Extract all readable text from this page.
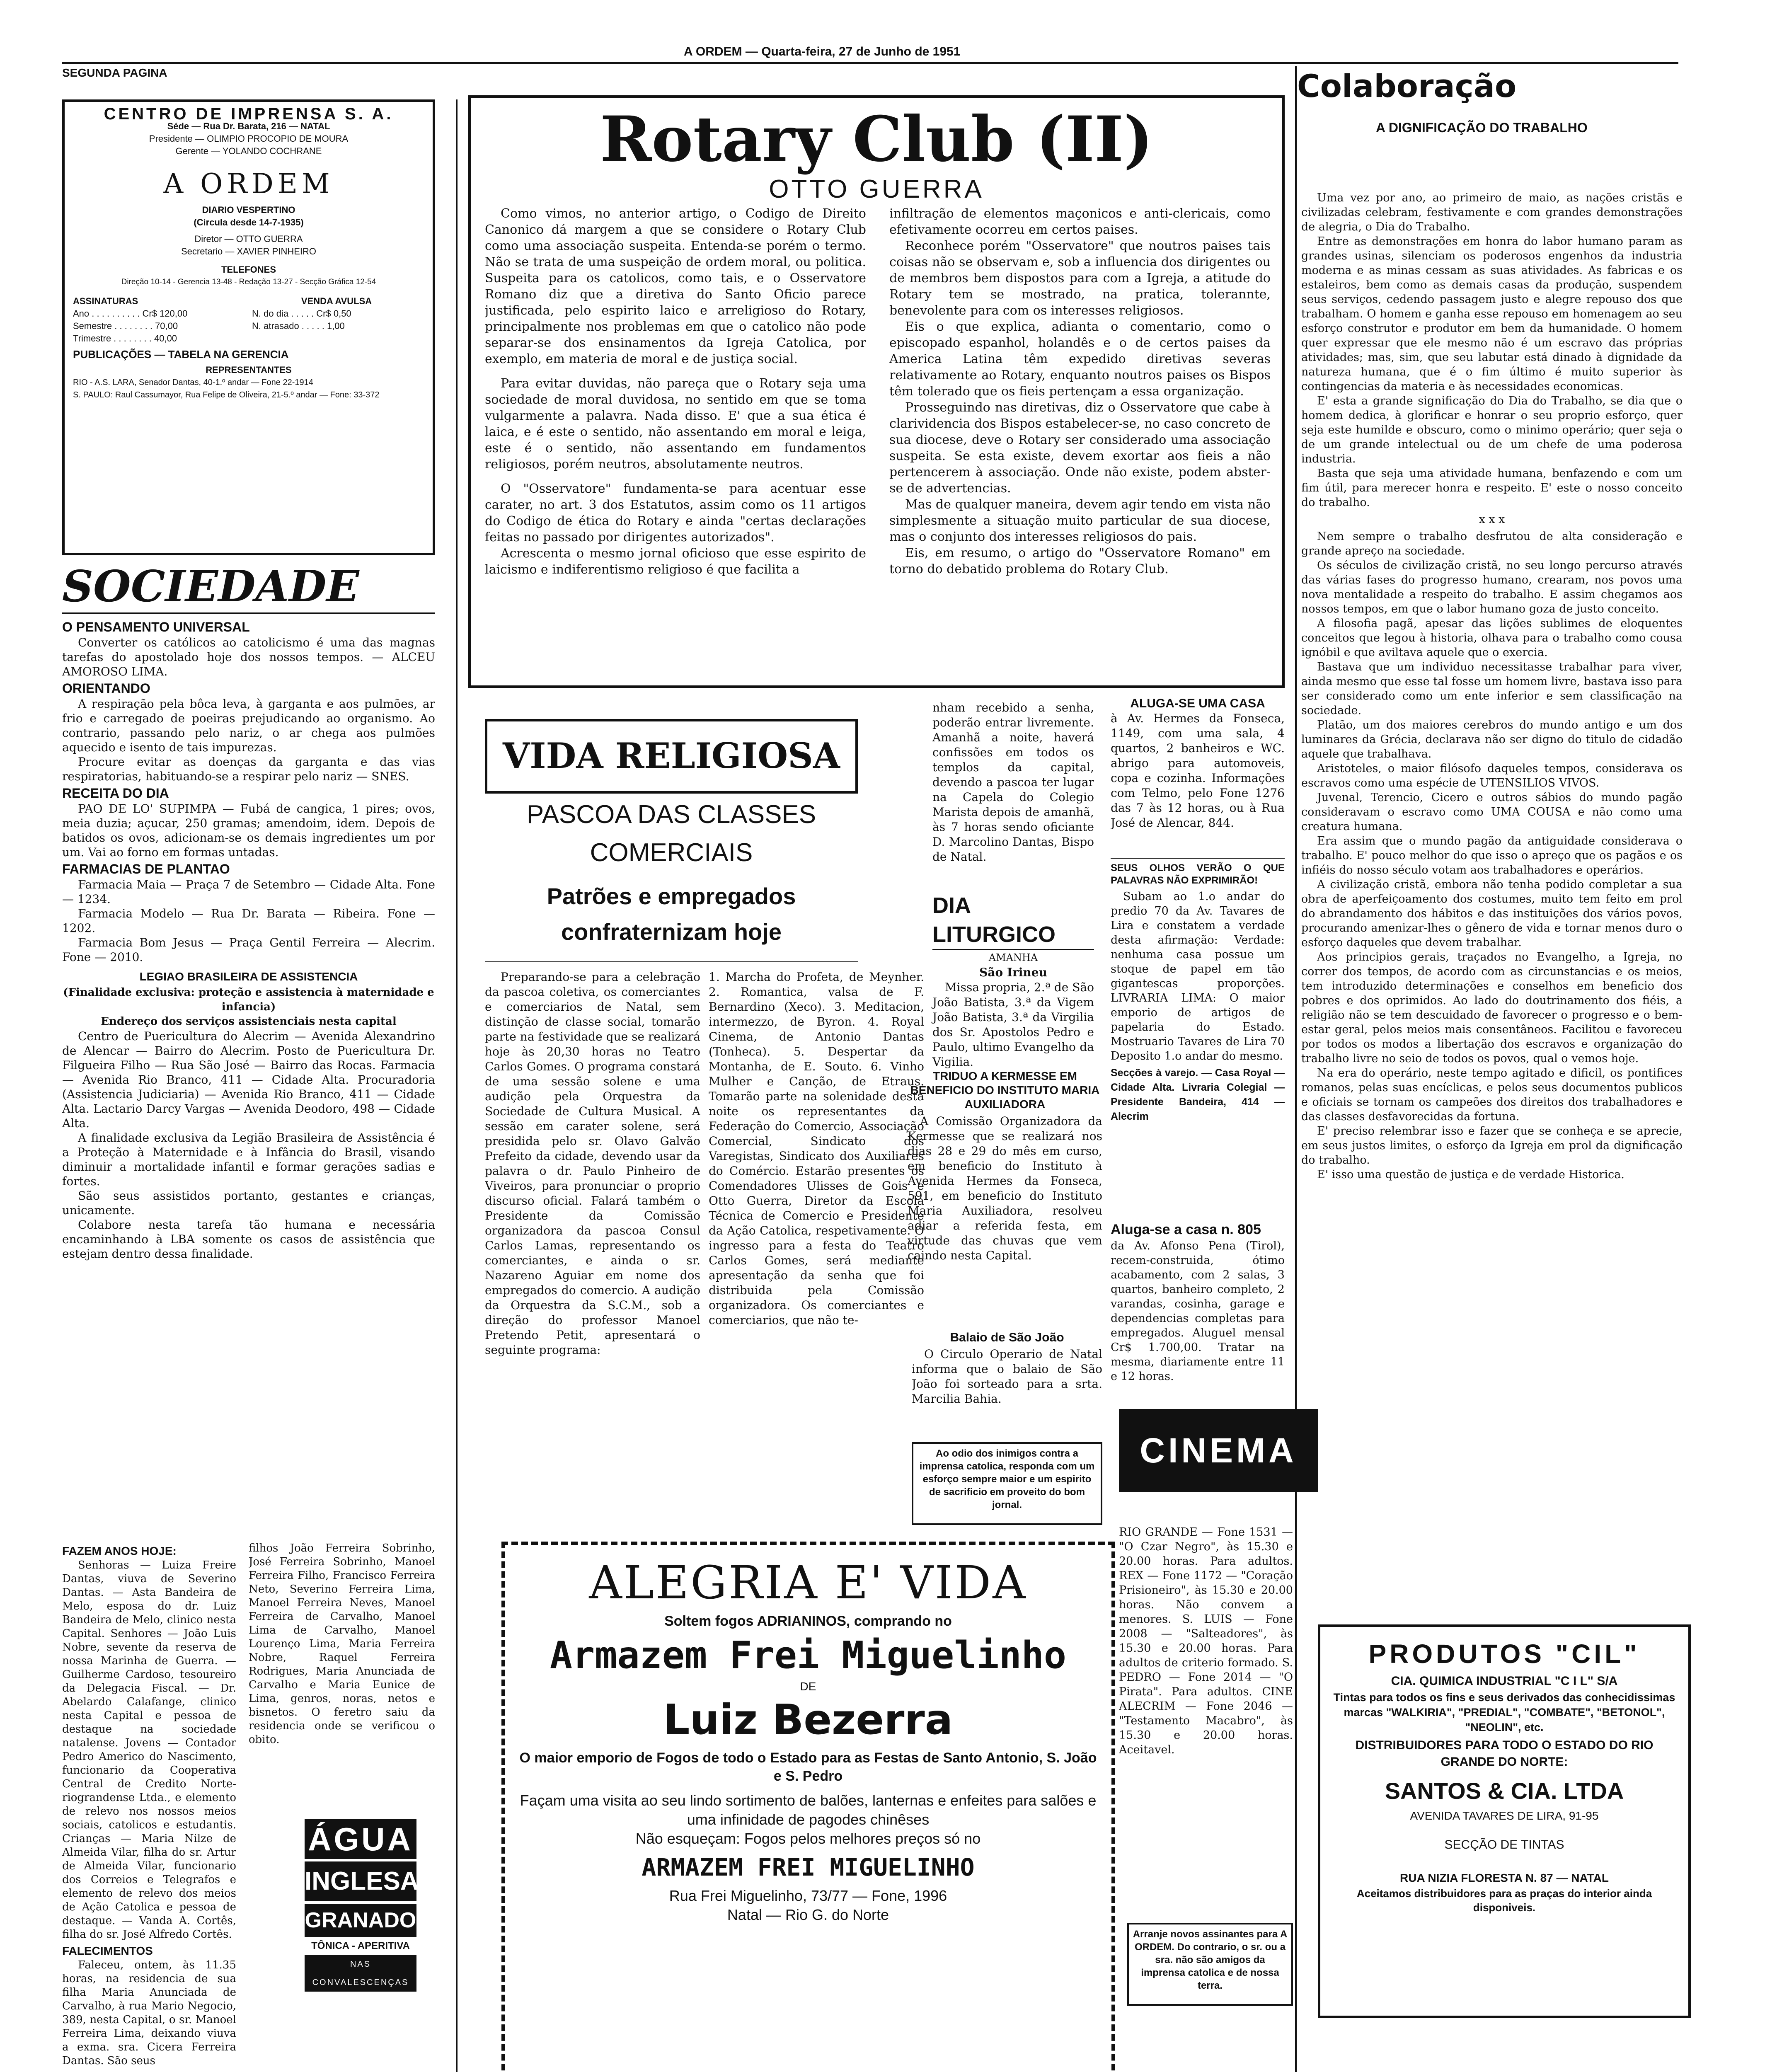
SEGUNDA PAGINA
A ORDEM — Quarta-feira, 27 de Junho de 1951
CENTRO DE IMPRENSA S. A.
Séde — Rua Dr. Barata, 216 — NATAL
Presidente — OLIMPIO PROCOPIO DE MOURA
Gerente — YOLANDO COCHRANE
A ORDEM
DIARIO VESPERTINO
(Circula desde 14-7-1935)
Diretor — OTTO GUERRA
Secretario — XAVIER PINHEIRO
TELEFONES
Direção 10-14 - Gerencia 13-48 - Redação 13-27 - Secção Gráfica 12-54
ASSINATURAS	VENDA AVULSA
Ano . . . . . . . . . . Cr$ 120,00
Semestre . . . . . . . . 70,00
Trimestre . . . . . . . . 40,00
N. do dia . . . . . Cr$ 0,50
N. atrasado . . . . . 1,00
PUBLICAÇÕES — TABELA NA GERENCIA
REPRESENTANTES
RIO - A.S. LARA, Senador Dantas, 40-1.º andar — Fone 22-1914
S. PAULO: Raul Cassumayor, Rua Felipe de Oliveira, 21-5.º andar — Fone: 33-372
SOCIEDADE
O PENSAMENTO UNIVERSAL

Converter os católicos ao catolicismo é uma das magnas tarefas do apostolado hoje dos nossos tempos. — ALCEU AMOROSO LIMA.

ORIENTANDO

A respiração pela bôca leva, à garganta e aos pulmões, ar frio e carregado de poeiras prejudicando ao organismo. Ao contrario, passando pelo nariz, o ar chega aos pulmões aquecido e isento de tais impurezas.

Procure evitar as doenças da garganta e das vias respiratorias, habituando-se a respirar pelo nariz — SNES.

RECEITA DO DIA

PAO DE LO' SUPIMPA — Fubá de cangica, 1 pires; ovos, meia duzia; açucar, 250 gramas; amendoim, idem. Depois de batidos os ovos, adicionam-se os demais ingredientes um por um. Vai ao forno em formas untadas.

FARMACIAS DE PLANTAO

Farmacia Maia — Praça 7 de Setembro — Cidade Alta. Fone — 1234.

Farmacia Modelo — Rua Dr. Barata — Ribeira. Fone — 1202.

Farmacia Bom Jesus — Praça Gentil Ferreira — Alecrim. Fone — 2010.

LEGIAO BRASILEIRA DE ASSISTENCIA
(Finalidade exclusiva: proteção e assistencia à maternidade e infancia)
Endereço dos serviços assistenciais nesta capital

Centro de Puericultura do Alecrim — Avenida Alexandrino de Alencar — Bairro do Alecrim. Posto de Puericultura Dr. Filgueira Filho — Rua São José — Bairro das Rocas. Farmacia — Avenida Rio Branco, 411 — Cidade Alta. Procuradoria (Assistencia Judiciaria) — Avenida Rio Branco, 411 — Cidade Alta. Lactario Darcy Vargas — Avenida Deodoro, 498 — Cidade Alta.

A finalidade exclusiva da Legião Brasileira de Assistência é a Proteção à Maternidade e à Infância do Brasil, visando diminuir a mortalidade infantil e formar gerações sadias e fortes.

São seus assistidos portanto, gestantes e crianças, unicamente.

Colabore nesta tarefa tão humana e necessária encaminhando à LBA somente os casos de assistência que estejam dentro dessa finalidade.

FAZEM ANOS HOJE:

Senhoras — Luiza Freire Dantas, viuva de Severino Dantas. — Asta Bandeira de Melo, esposa do dr. Luiz Bandeira de Melo, clinico nesta Capital. Senhores — João Luis Nobre, sevente da reserva de nossa Marinha de Guerra. — Guilherme Cardoso, tesoureiro da Delegacia Fiscal. — Dr. Abelardo Calafange, clinico nesta Capital e pessoa de destaque na sociedade natalense. Jovens — Contador Pedro Americo do Nascimento, funcionario da Cooperativa Central de Credito Norte-riograndense Ltda., e elemento de relevo nos nossos meios sociais, catolicos e estudantis. Crianças — Maria Nilze de Almeida Vilar, filha do sr. Artur de Almeida Vilar, funcionario dos Correios e Telegrafos e elemento de relevo dos meios de Ação Catolica e pessoa de destaque. — Vanda A. Cortês, filha do sr. José Alfredo Cortês.

FALECIMENTOS

Faleceu, ontem, às 11.35 horas, na residencia de sua filha Maria Anunciada de Carvalho, à rua Mario Negocio, 389, nesta Capital, o sr. Manoel Ferreira Lima, deixando viuva a exma. sra. Cicera Ferreira Dantas. São seus

filhos João Ferreira Sobrinho, José Ferreira Sobrinho, Manoel Ferreira Filho, Francisco Ferreira Neto, Severino Ferreira Lima, Manoel Ferreira Neves, Manoel Ferreira de Carvalho, Manoel Lima de Carvalho, Manoel Lourenço Lima, Maria Ferreira Nobre, Raquel Ferreira Rodrigues, Maria Anunciada de Carvalho e Maria Eunice de Lima, genros, noras, netos e bisnetos. O feretro saiu da residencia onde se verificou o obito.

ÁGUA
INGLESA
GRANADO
TÔNICA - APERITIVA
NAS CONVALESCENÇAS
Rotary Club (II)
OTTO GUERRA

Como vimos, no anterior artigo, o Codigo de Direito Canonico dá margem a que se considere o Rotary Club como uma associação suspeita. Entenda-se porém o termo. Não se trata de uma suspeição de ordem moral, ou politica. Suspeita para os catolicos, como tais, e o Osservatore Romano diz que a diretiva do Santo Oficio parece justificada, pelo espirito laico e arreligioso do Rotary, principalmente nos problemas em que o catolico não pode separar-se dos ensinamentos da Igreja Catolica, por exemplo, em materia de moral e de justiça social.

Para evitar duvidas, não pareça que o Rotary seja uma sociedade de moral duvidosa, no sentido em que se toma vulgarmente a palavra. Nada disso. E' que a sua ética é laica, e é este o sentido, não assentando em moral e leiga, este é o sentido, não assentando em fundamentos religiosos, porém neutros, absolutamente neutros.

O "Osservatore" fundamenta-se para acentuar esse carater, no art. 3 dos Estatutos, assim como os 11 artigos do Codigo de ética do Rotary e ainda "certas declarações feitas no passado por dirigentes autorizados".

Acrescenta o mesmo jornal oficioso que esse espirito de laicismo e indiferentismo religioso é que facilita a

infiltração de elementos maçonicos e anti-clericais, como efetivamente ocorreu em certos paises.

Reconhece porém "Osservatore" que noutros paises tais coisas não se observam e, sob a influencia dos dirigentes ou de membros bem dispostos para com a Igreja, a atitude do Rotary tem se mostrado, na pratica, tolerannte, benevolente para com os interesses religiosos.

Eis o que explica, adianta o comentario, como o episcopado espanhol, holandês e o de certos paises da America Latina têm expedido diretivas severas relativamente ao Rotary, enquanto noutros paises os Bispos têm tolerado que os fieis pertençam a essa organização.

Prosseguindo nas diretivas, diz o Osservatore que cabe à clarividencia dos Bispos estabelecer-se, no caso concreto de sua diocese, deve o Rotary ser considerado uma associação suspeita. Se esta existe, devem exortar aos fieis a não pertencerem à associação. Onde não existe, podem abster-se de advertencias.

Mas de qualquer maneira, devem agir tendo em vista não simplesmente a situação muito particular de sua diocese, mas o conjunto dos interesses religiosos do pais.

Eis, em resumo, o artigo do "Osservatore Romano" em torno do debatido problema do Rotary Club.

VIDA RELIGIOSA
PASCOA DAS CLASSES COMERCIAIS
Patrões e empregados confraternizam hoje

Preparando-se para a celebração da pascoa coletiva, os comerciantes e comerciarios de Natal, sem distinção de classe social, tomarão parte na festividade que se realizará hoje às 20,30 horas no Teatro Carlos Gomes. O programa constará de uma sessão solene e uma audição pela Orquestra da Sociedade de Cultura Musical. A sessão em carater solene, será presidida pelo sr. Olavo Galvão Prefeito da cidade, devendo usar da palavra o dr. Paulo Pinheiro de Viveiros, para pronunciar o proprio discurso oficial. Falará também o Presidente da Comissão organizadora da pascoa Consul Carlos Lamas, representando os comerciantes, e ainda o sr. Nazareno Aguiar em nome dos empregados do comercio. A audição da Orquestra da S.C.M., sob a direção do professor Manoel Pretendo Petit, apresentará o seguinte programa:

1. Marcha do Profeta, de Meynher. 2. Romantica, valsa de F. Bernardino (Xeco). 3. Meditacion, intermezzo, de Byron. 4. Royal Cinema, de Antonio Dantas (Tonheca). 5. Despertar da Montanha, de E. Souto. 6. Vinho Mulher e Canção, de Etraus. Tomarão parte na solenidade desta noite os representantes da Federação do Comercio, Associação Comercial, Sindicato dos Varegistas, Sindicato dos Auxiliares do Comércio. Estarão presentes os Comendadores Ulisses de Gois e Otto Guerra, Diretor da Escola Técnica de Comercio e Presidente da Ação Catolica, respetivamente. O ingresso para a festa do Teatro Carlos Gomes, será mediante apresentação da senha que foi distribuida pela Comissão organizadora. Os comerciantes e comerciarios, que não te-

nham recebido a senha, poderão entrar livremente. Amanhã a noite, haverá confissões em todos os templos da capital, devendo a pascoa ter lugar na Capela do Colegio Marista depois de amanhã, às 7 horas sendo oficiante D. Marcolino Dantas, Bispo de Natal.

DIA LITURGICO
AMANHA
São Irineu

Missa propria, 2.ª de São João Batista, 3.ª da Vigem João Batista, 3.ª da Virgilia dos Sr. Apostolos Pedro e Paulo, ultimo Evangelho da Vigilia.

TRIDUO A KERMESSE EM BENEFICIO DO INSTITUTO MARIA AUXILIADORA

A Comissão Organizadora da Kermesse que se realizará nos dias 28 e 29 do mês em curso, em beneficio do Instituto à Avenida Hermes da Fonseca, 591, em beneficio do Instituto Maria Auxiliadora, resolveu adiar a referida festa, em virtude das chuvas que vem caindo nesta Capital.

Balaio de São João

O Circulo Operario de Natal informa que o balaio de São João foi sorteado para a srta. Marcilia Bahia.

Ao odio dos inimigos contra a imprensa catolica, responda com um esforço sempre maior e um espirito de sacrificio em proveito do bom jornal.
ALUGA-SE UMA CASA

à Av. Hermes da Fonseca, 1149, com uma sala, 4 quartos, 2 banheiros e WC. abrigo para automoveis, copa e cozinha. Informações com Telmo, pelo Fone 1276 das 7 às 12 horas, ou à Rua José de Alencar, 844.

SEUS OLHOS VERÃO O QUE PALAVRAS NÃO EXPRIMIRÃO!

Subam ao 1.o andar do predio 70 da Av. Tavares de Lira e constatem a verdade desta afirmação: Verdade: nenhuma casa possue um stoque de papel em tão gigantescas proporções. LIVRARIA LIMA: O maior emporio de artigos de papelaria do Estado. Mostruario Tavares de Lira 70 Deposito 1.o andar do mesmo.

Secções à varejo. — Casa Royal — Cidade Alta. Livraria Colegial — Presidente Bandeira, 414 — Alecrim

Aluga-se a casa n. 805

da Av. Afonso Pena (Tirol), recem-construida, ótimo acabamento, com 2 salas, 3 quartos, banheiro completo, 2 varandas, cosinha, garage e dependencias completas para empregados. Aluguel mensal Cr$ 1.700,00. Tratar na mesma, diariamente entre 11 e 12 horas.

CINEMA

RIO GRANDE — Fone 1531 — "O Czar Negro", às 15.30 e 20.00 horas. Para adultos. REX — Fone 1172 — "Coração Prisioneiro", às 15.30 e 20.00 horas. Não convem a menores. S. LUIS — Fone 2008 — "Salteadores", às 15.30 e 20.00 horas. Para adultos de criterio formado. S. PEDRO — Fone 2014 — "O Pirata". Para adultos. CINE ALECRIM — Fone 2046 — "Testamento Macabro", às 15.30 e 20.00 horas. Aceitavel.

Arranje novos assinantes para A ORDEM. Do contrario, o sr. ou a sra. não são amigos da imprensa catolica e de nossa terra.
ALEGRIA E' VIDA
Soltem fogos ADRIANINOS, comprando no
Armazem Frei Miguelinho
DE
Luiz Bezerra
O maior emporio de Fogos de todo o Estado para as Festas de Santo Antonio, S. João e S. Pedro
Façam uma visita ao seu lindo sortimento de balões, lanternas e enfeites para salões e uma infinidade de pagodes chinêses
Não esqueçam: Fogos pelos melhores preços só no
ARMAZEM FREI MIGUELINHO
Rua Frei Miguelinho, 73/77 — Fone, 1996
Natal — Rio G. do Norte
Colaboração
A DIGNIFICAÇÃO DO TRABALHO

Uma vez por ano, ao primeiro de maio, as nações cristãs e civilizadas celebram, festivamente e com grandes demonstrações de alegria, o Dia do Trabalho.

Entre as demonstrações em honra do labor humano param as grandes usinas, silenciam os poderosos engenhos da industria moderna e as minas cessam as suas atividades. As fabricas e os estaleiros, bem como as demais casas da produção, suspendem seus serviços, cedendo passagem justo e alegre repouso dos que trabalham. O homem e ganha esse repouso em homenagem ao seu esforço construtor e produtor em bem da humanidade. O homem quer expressar que ele mesmo não é um escravo das próprias atividades; mas, sim, que seu labutar está dinado à dignidade da natureza humana, que é o fim último é muito superior às contingencias da materia e às necessidades economicas.

E' esta a grande significação do Dia do Trabalho, se dia que o homem dedica, à glorificar e honrar o seu proprio esforço, quer seja este humilde e obscuro, como o minimo operário; quer seja o de um grande intelectual ou de um chefe de uma poderosa industria.

Basta que seja uma atividade humana, benfazendo e com um fim útil, para merecer honra e respeito. E' este o nosso conceito do trabalho.

x x x

Nem sempre o trabalho desfrutou de alta consideração e grande apreço na sociedade.

Os séculos de civilização cristã, no seu longo percurso através das várias fases do progresso humano, crearam, nos povos uma nova mentalidade a respeito do trabalho. E assim chegamos aos nossos tempos, em que o labor humano goza de justo conceito.

A filosofia pagã, apesar das lições sublimes de eloquentes conceitos que legou à historia, olhava para o trabalho como cousa ignóbil e que aviltava aquele que o exercia.

Bastava que um individuo necessitasse trabalhar para viver, ainda mesmo que esse tal fosse um homem livre, bastava isso para ser considerado como um ente inferior e sem classificação na sociedade.

Platão, um dos maiores cerebros do mundo antigo e um dos luminares da Grécia, declarava não ser digno do titulo de cidadão aquele que trabalhava.

Aristoteles, o maior filósofo daqueles tempos, considerava os escravos como uma espécie de UTENSILIOS VIVOS.

Juvenal, Terencio, Cicero e outros sábios do mundo pagão consideravam o escravo como UMA COUSA e não como uma creatura humana.

Era assim que o mundo pagão da antiguidade considerava o trabalho. E' pouco melhor do que isso o apreço que os pagãos e os infiéis do nosso século votam aos trabalhadores e operários.

A civilização cristã, embora não tenha podido completar a sua obra de aperfeiçoamento dos costumes, muito tem feito em prol do abrandamento dos hábitos e das instituições dos vários povos, procurando amenizar-lhes o gênero de vida e tornar menos duro o esforço daqueles que devem trabalhar.

Aos principios gerais, traçados no Evangelho, a Igreja, no correr dos tempos, de acordo com as circunstancias e os meios, tem introduzido determinações e conselhos em beneficio dos pobres e dos oprimidos. Ao lado do doutrinamento dos fiéis, a religião não se tem descuidado de favorecer o progresso e o bem-estar geral, pelos meios mais consentâneos. Facilitou e favoreceu por todos os modos a libertação dos escravos e organização do trabalho livre no seio de todos os povos, qual o vemos hoje.

Na era do operário, neste tempo agitado e dificil, os pontifices romanos, pelas suas encíclicas, e pelos seus documentos publicos e oficiais se tornam os campeões dos direitos dos trabalhadores e das classes desfavorecidas da fortuna.

E' preciso relembrar isso e fazer que se conheça e se aprecie, em seus justos limites, o esforço da Igreja em prol da dignificação do trabalho.

E' isso uma questão de justiça e de verdade Historica.

PRODUTOS "CIL"
CIA. QUIMICA INDUSTRIAL "C I L" S/A
Tintas para todos os fins e seus derivados das conhecidissimas marcas "WALKIRIA", "PREDIAL", "COMBATE", "BETONOL", "NEOLIN", etc.
DISTRIBUIDORES PARA TODO O ESTADO DO RIO GRANDE DO NORTE:
SANTOS & CIA. LTDA
AVENIDA TAVARES DE LIRA, 91-95
SECÇÃO DE TINTAS
RUA NIZIA FLORESTA N. 87 — NATAL
Aceitamos distribuidores para as praças do interior ainda disponiveis.
